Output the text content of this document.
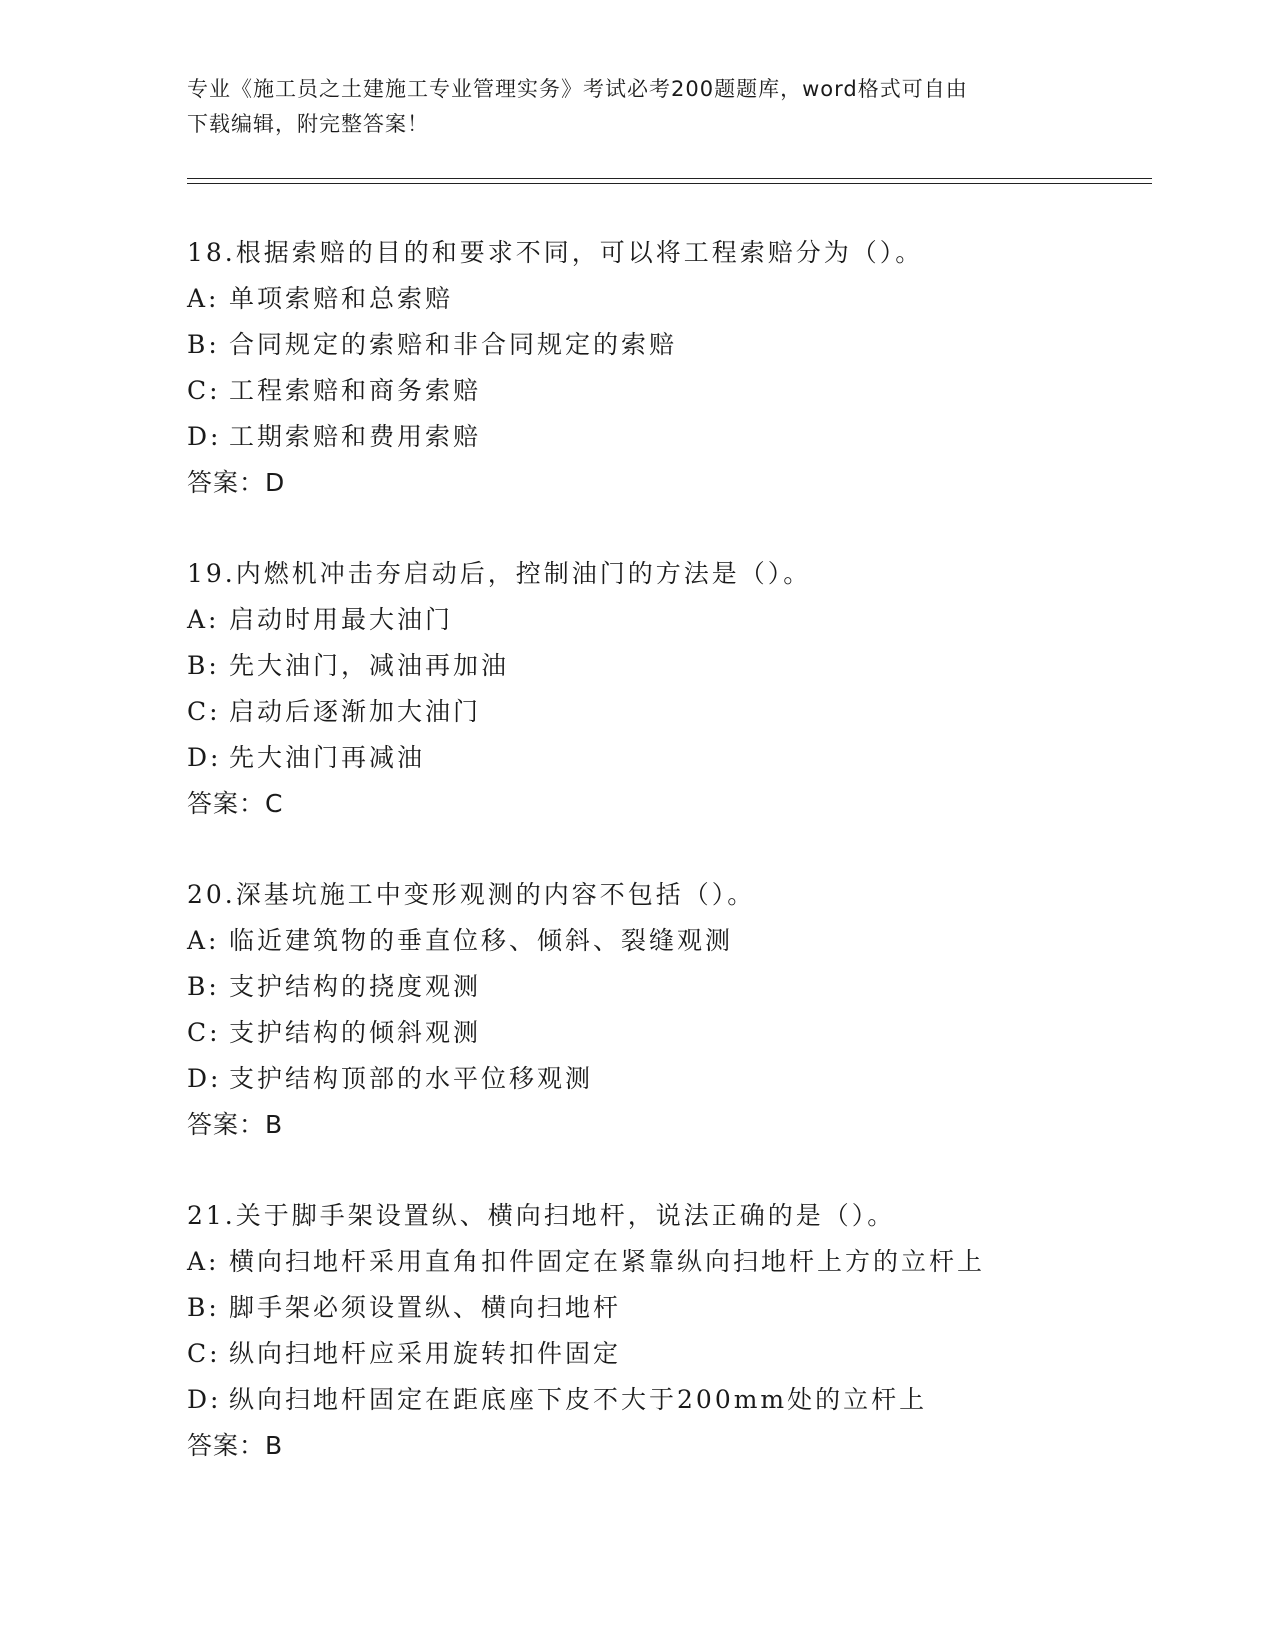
专业《施工员之土建施工专业管理实务》考试必考200题题库，word格式可自由
下载编辑，附完整答案！
18.根据索赔的目的和要求不同，可以将工程索赔分为（）。
A: 单项索赔和总索赔
B: 合同规定的索赔和非合同规定的索赔
C: 工程索赔和商务索赔
D: 工期索赔和费用索赔
答案：D
19.内燃机冲击夯启动后，控制油门的方法是（）。
A: 启动时用最大油门
B: 先大油门，减油再加油
C: 启动后逐渐加大油门
D: 先大油门再减油
答案：C
20.深基坑施工中变形观测的内容不包括（）。
A: 临近建筑物的垂直位移、倾斜、裂缝观测
B: 支护结构的挠度观测
C: 支护结构的倾斜观测
D: 支护结构顶部的水平位移观测
答案：B
21.关于脚手架设置纵、横向扫地杆，说法正确的是（）。
A: 横向扫地杆采用直角扣件固定在紧靠纵向扫地杆上方的立杆上
B: 脚手架必须设置纵、横向扫地杆
C: 纵向扫地杆应采用旋转扣件固定
D: 纵向扫地杆固定在距底座下皮不大于200mm处的立杆上
答案：B
